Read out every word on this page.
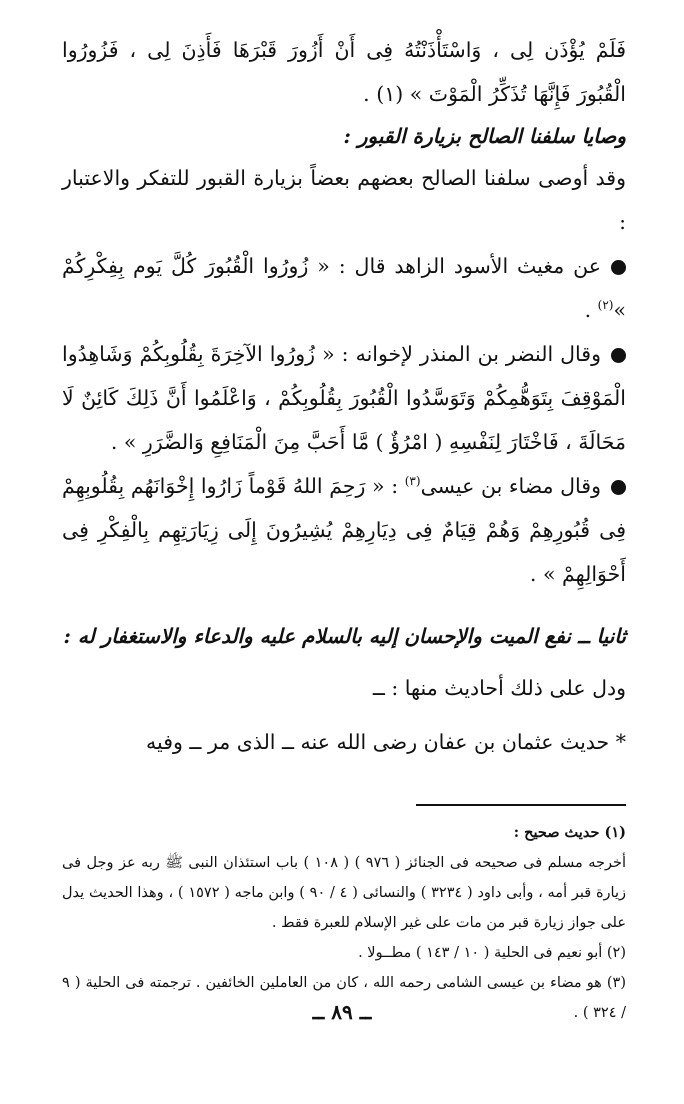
فَلَمْ يُؤْذَن لِى ، وَاسْتَأْذَنْتُهُ فِى أَنْ أَزُورَ قَبْرَهَا فَأَذِنَ لِى ، فَزُورُوا الْقُبُورَ فَإِنَّهَا تُذَكِّرُ الْمَوْتَ » (١) .

وصايا سلفنا الصالح بزيارة القبور :

وقد أوصى سلفنا الصالح بعضهم بعضاً بزيارة القبور للتفكر والاعتبار :

عن مغيث الأسود الزاهد قال : « زُورُوا الْقُبُورَ كُلَّ يَوم بِفِكْرِكُمْ »$^{(٢)}$ .

وقال النضر بن المنذر لإخوانه : « زُورُوا الآخِرَةَ بِقُلُوبِكُمْ وَشَاهِدُوا الْمَوْقِفَ بِتَوَهُّمِكُمْ وَتَوَسَّدُوا الْقُبُورَ بِقُلُوبِكُمْ ، وَاعْلَمُوا أَنَّ ذَلِكَ كَائِنٌ لَا مَحَالَةَ ، فَاخْتَارَ لِنَفْسِهِ ( امْرُؤٌ ) مَّا أَحَبَّ مِنَ الْمَنَافِعِ وَالضَّرَرِ » .

وقال مضاء بن عيسى$^{(٣)}$ : « رَحِمَ اللهُ قَوْماً زَارُوا إِخْوَانَهُم بِقُلُوبِهِمْ فِى قُبُورِهِمْ وَهُمْ قِيَامٌ فِى دِيَارِهِمْ يُشِيرُونَ إِلَى زِيَارَتِهِم بِالْفِكْرِ فِى أَحْوَالِهِمْ » .

ثانيا ــ نفع الميت والإحسان إليه بالسلام عليه والدعاء والاستغفار له :

ودل على ذلك أحاديث منها : ــ

* حديث عثمان بن عفان رضى الله عنه ــ الذى مر ــ وفيه

(١) حديث صحيح :
أخرجه مسلم فى صحيحه فى الجنائز ( ٩٧٦ ) ( ١٠٨ ) باب استئذان النبى ﷺ ربه عز وجل فى زيارة قبر أمه ، وأبى داود ( ٣٢٣٤ ) والنسائى ( ٤ / ٩٠ ) وابن ماجه ( ١٥٧٢ ) ، وهذا الحديث يدل على جواز زيارة قبر من مات على غير الإسلام للعبرة فقط .

(٢) أبو نعيم فى الحلية ( ١٠ / ١٤٣ ) مطــولا .

(٣) هو مضاء بن عيسى الشامى رحمه الله ، كان من العاملين الخائفين . ترجمته فى الحلية ( ٩ / ٣٢٤ ) .

ــ ٨٩ ــ
